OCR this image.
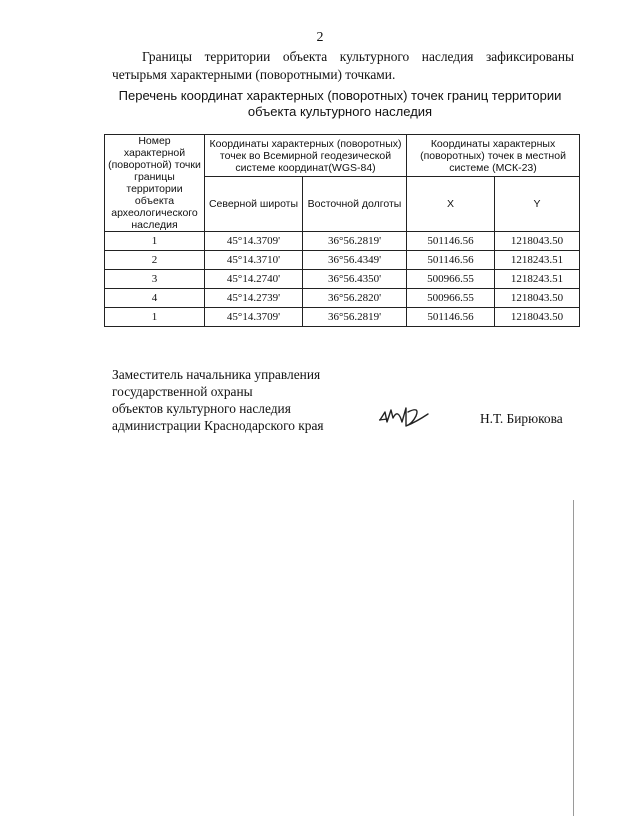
2

Границы территории объекта культурного наследия зафиксированы четырьмя характерными (поворотными) точками.

Перечень координат характерных (поворотных) точек границ территории объекта культурного наследия

Номер характерной (поворотной) точки границы территории объекта археологического наследия	Координаты характерных (поворотных) точек во Всемирной геодезической системе координат(WGS-84)		Координаты характерных (поворотных) точек в местной системе (МСК-23)	
	Северной широты	Восточной долготы	X	Y
1	45°14.3709'	36°56.2819'	501146.56	1218043.50
2	45°14.3710'	36°56.4349'	501146.56	1218243.51
3	45°14.2740'	36°56.4350'	500966.55	1218243.51
4	45°14.2739'	36°56.2820'	500966.55	1218043.50
1	45°14.3709'	36°56.2819'	501146.56	1218043.50
Заместитель начальника управления
государственной охраны
объектов культурного наследия
администрации Краснодарского края	Н.Т. Бирюкова
